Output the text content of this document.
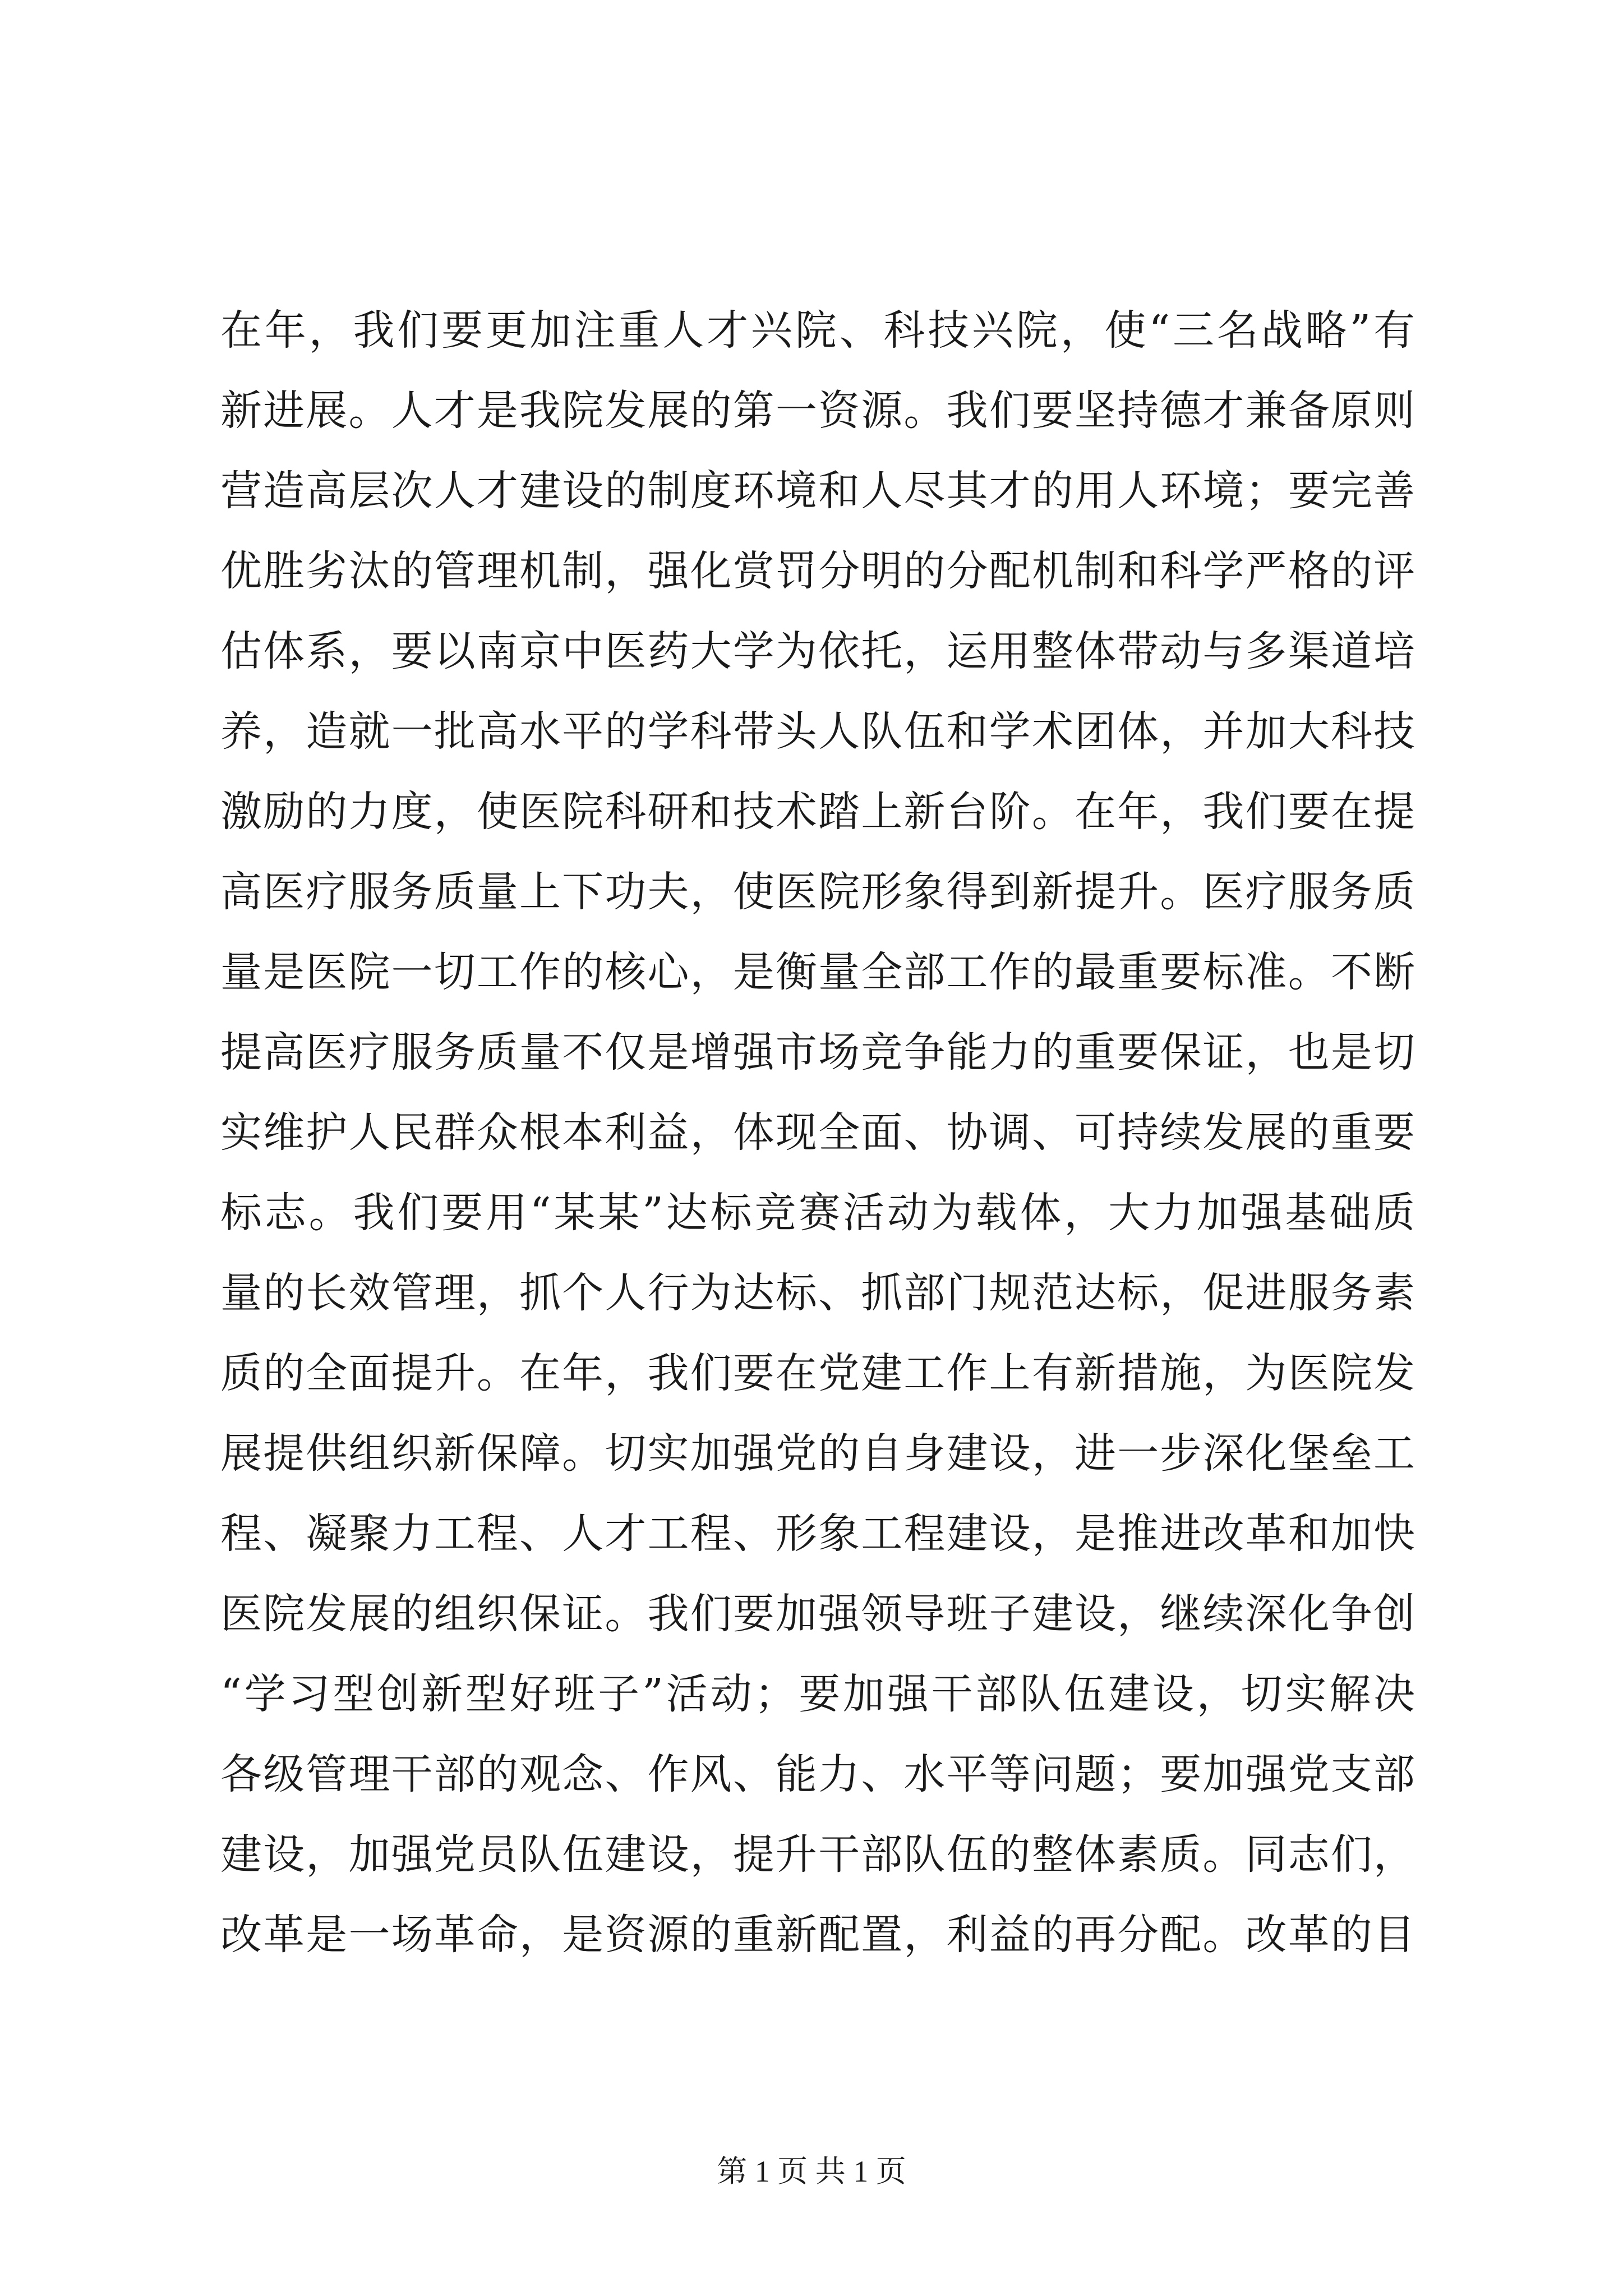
在年，我们要更加注重人才兴院、科技兴院，使“三名战略”有
新进展。人才是我院发展的第一资源。我们要坚持德才兼备原则
营造高层次人才建设的制度环境和人尽其才的用人环境；要完善
优胜劣汰的管理机制，强化赏罚分明的分配机制和科学严格的评
估体系，要以南京中医药大学为依托，运用整体带动与多渠道培
养，造就一批高水平的学科带头人队伍和学术团体，并加大科技
激励的力度，使医院科研和技术踏上新台阶。在年，我们要在提
高医疗服务质量上下功夫，使医院形象得到新提升。医疗服务质
量是医院一切工作的核心，是衡量全部工作的最重要标准。不断
提高医疗服务质量不仅是增强市场竞争能力的重要保证，也是切
实维护人民群众根本利益，体现全面、协调、可持续发展的重要
标志。我们要用“某某”达标竞赛活动为载体，大力加强基础质
量的长效管理，抓个人行为达标、抓部门规范达标，促进服务素
质的全面提升。在年，我们要在党建工作上有新措施，为医院发
展提供组织新保障。切实加强党的自身建设，进一步深化堡垒工
程、凝聚力工程、人才工程、形象工程建设，是推进改革和加快
医院发展的组织保证。我们要加强领导班子建设，继续深化争创
“学习型创新型好班子”活动；要加强干部队伍建设，切实解决
各级管理干部的观念、作风、能力、水平等问题；要加强党支部
建设，加强党员队伍建设，提升干部队伍的整体素质。同志们，
改革是一场革命，是资源的重新配置，利益的再分配。改革的目
第 1 页 共 1 页
